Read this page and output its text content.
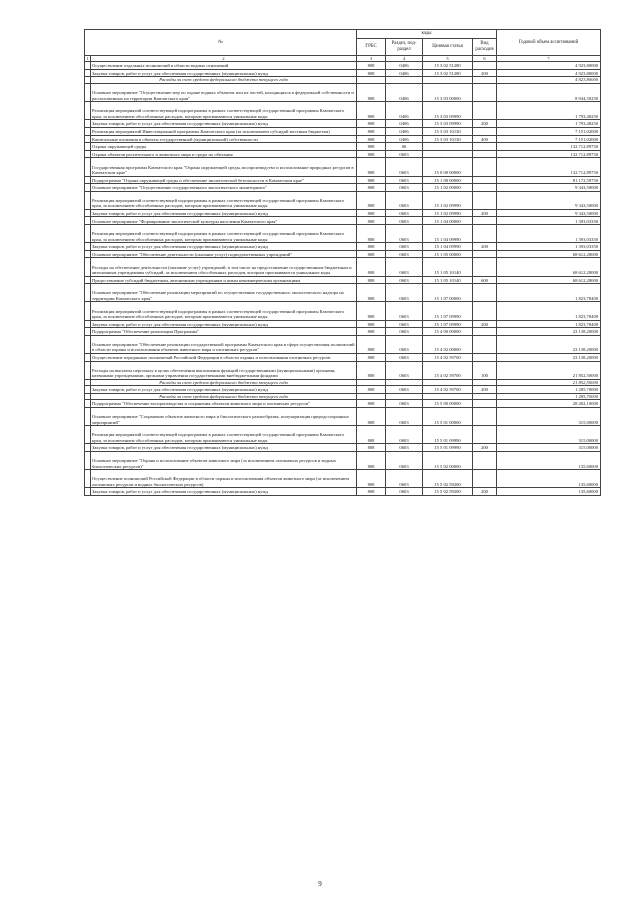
№		коды				Годовой объем ассигнований
		ГРБС	Раздел, под-раздел	Целевая статья	Вид расходов	
1	2	3	4	5	6	7
	Осуществление отдельных полномочий в области водных отношений	808	0406	15 3 02 51280		4 923,80000
	Закупка товаров, работ и услуг для обеспечения государственных (муниципальных) нужд	808	0406	15 3 02 51280	200	4 923,80000
	Расходы за счет средств федерального бюджета текущего года					4 923,80000
	Основное мероприятие "Осуществление мер по охране водных объектов или их частей, находящихся в федеральной собственности и расположенных на территории Камчатского края"	808	0406	15 3 03 00000		8 944,50250
	Реализация мероприятий соответствующей подпрограммы в рамках соответствующей государственной программы Камчатского края, за исключением обособленных расходов, которым присваиваются уникальные коды	808	0406	15 3 03 09990		1 793,48250
	Закупка товаров, работ и услуг для обеспечения государственных (муниципальных) нужд	808	0406	15 3 03 09990	200	1 793,48250
	Реализация мероприятий Инвестиционной программы Камчатского края (за исключением субсидий местным бюджетам)	808	0406	15 3 03 10130		7 151,02000
	Капитальные вложения в объекты государственной (муниципальной) собственности	808	0406	15 3 03 10130	400	7 151,02000
	Охрана окружающей среды	808	06			132 712,89750
	Охрана объектов растительного и животного мира и среды их обитания	808	0603			132 712,89750
	Государственная программа Камчатского края "Охрана окружающей среды, воспроизводство и использование природных ресурсов в Камчатском крае"	808	0603	15 0 00 00000		132 712,89750
	Подпрограмма "Охрана окружающей среды и обеспечение экологической безопасности в Камчатском крае"	808	0603	15 1 00 00000		81 172,59750
	Основное мероприятие "Осуществление государственного экологического мониторинга"	808	0603	15 1 02 00000		9 343,50000
	Реализация мероприятий соответствующей подпрограммы в рамках соответствующей государственной программы Камчатского края, за исключением обособленных расходов, которым присваиваются уникальные коды	808	0603	15 1 02 09990		9 343,50000
	Закупка товаров, работ и услуг для обеспечения государственных (муниципальных) нужд	808	0603	15 1 02 09990	200	9 343,50000
	Основное мероприятие "Формирование экологической культуры населения Камчатского края"	808	0603	15 1 04 00000		1 393,03350
	Реализация мероприятий соответствующей подпрограммы в рамках соответствующей государственной программы Камчатского края, за исключением обособленных расходов, которым присваиваются уникальные коды	808	0603	15 1 04 09990		1 393,03350
	Закупка товаров, работ и услуг для обеспечения государственных (муниципальных) нужд	808	0603	15 1 04 09990	200	1 393,03350
	Основное мероприятие "Обеспечение деятельности (оказание услуг) подведомственных учреждений"	808	0603	15 1 05 00000		68 612,28000
	Расходы на обеспечение деятельности (оказание услуг) учреждений, в том числе на предоставление государственным бюджетным и автономным учреждениям субсидий, за исключением обособленных расходов, которым присваиваются уникальные коды	808	0603	15 1 05 10140		68 612,28000
	Предоставление субсидий бюджетным, автономным учреждениям и иным некоммерческим организациям	808	0603	15 1 05 10140	600	68 612,28000
	Основное мероприятие "Обеспечение реализации мероприятий по осуществлению государственного экологического надзора на территории Камчатского края"	808	0603	15 1 07 00000		1 823,78400
	Реализация мероприятий соответствующей подпрограммы в рамках соответствующей государственной программы Камчатского края, за исключением обособленных расходов, которым присваиваются уникальные коды	808	0603	15 1 07 09990		1 823,78400
	Закупка товаров, работ и услуг для обеспечения государственных (муниципальных) нужд	808	0603	15 1 07 09990	200	1 823,78400
	Подпрограмма "Обеспечение реализации Программы"	808	0603	15 4 00 00000		23 138,20000
	Основное мероприятие "Обеспечение реализации государственной программы Камчатского края в сфере осуществления полномочий в области охраны и использования объектов животного мира и охотничьих ресурсов"	808	0603	15 4 02 00000		23 138,20000
	Осуществление переданных полномочий Российской Федерации в области охраны и использования охотничьих ресурсов	808	0603	15 4 02 59700		23 138,20000
	Расходы на выплаты персоналу в целях обеспечения выполнения функций государственными (муниципальными) органами, казенными учреждениями, органами управления государственными внебюджетными фондами	808	0603	15 4 02 59700	100	21 852,50000
	Расходы за счет средств федерального бюджета текущего года					21 852,50000
	Закупка товаров, работ и услуг для обеспечения государственных (муниципальных) нужд	808	0603	15 4 02 59700	200	1 285,70000
	Расходы за счет средств федерального бюджета текущего года					1 285,70000
	Подпрограмма "Обеспечение воспроизводства и сохранения объектов животного мира и охотничьих ресурсов"	808	0603	15 5 00 00000		28 402,10000
	Основное мероприятие "Сохранение объектов животного мира и биологического разнообразия, популяризация природосохранных мероприятий"	808	0603	15 5 01 00000		315,00000
	Реализация мероприятий соответствующей подпрограммы в рамках соответствующей государственной программы Камчатского края, за исключением обособленных расходов, которым присваиваются уникальные коды	808	0603	15 5 01 09990		315,00000
	Закупка товаров, работ и услуг для обеспечения государственных (муниципальных) нужд	808	0603	15 5 01 09990	200	315,00000
	Основное мероприятие "Охрана и использование объектов животного мира (за исключением охотничьих ресурсов и водных биологических ресурсов)"	808	0603	15 5 02 00000		135,60000
	Осуществление полномочий Российской Федерации в области охраны и использования объектов животного мира (за исключением охотничьих ресурсов и водных биологических ресурсов)	808	0603	15 5 02 59200		135,60000
	Закупка товаров, работ и услуг для обеспечения государственных (муниципальных) нужд	808	0603	15 5 02 59200	200	135,60000
9
